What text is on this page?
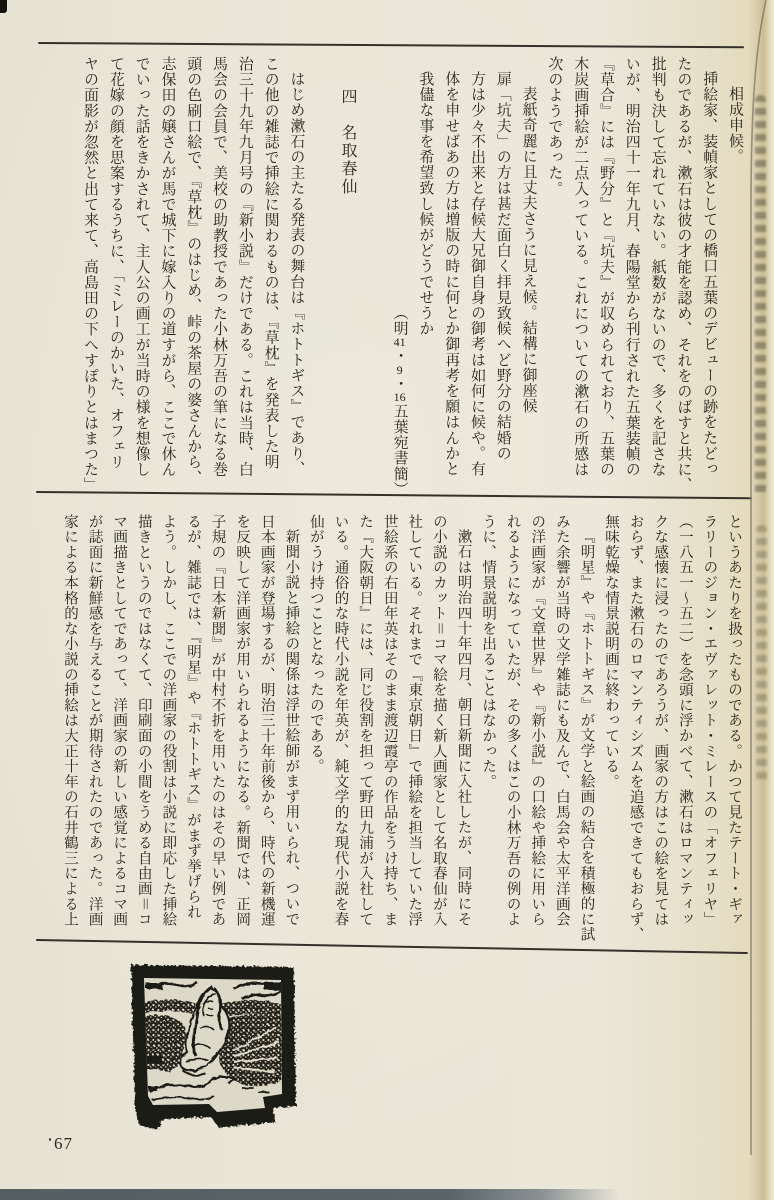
相成申候。
挿絵家、装幀家としての橋口五葉のデビューの跡をたどっ
たのであるが、漱石は彼の才能を認め、それをのばすと共に、
批判も決して忘れていない。紙数がないので、多くを記さな
いが、明治四十一年九月、春陽堂から刊行された五葉装幀の
『草合』には『野分』と『坑夫』が収められており、五葉の
木炭画挿絵が二点入っている。これについての漱石の所感は
次のようであった。
表紙奇麗に且丈夫さうに見え候。結構に御座候
扉「坑夫」の方は甚だ面白く拝見致候へど野分の結婚の
方は少々不出来と存候大兄御自身の御考は如何に候や。有
体を申せばあの方は増版の時に何とか御再考を願はんかと
我儘な事を希望致し候がどうでせうか
（明41・9・16五葉宛書簡）

四　名取春仙

はじめ漱石の主たる発表の舞台は『ホトトギス』であり、
この他の雑誌で挿絵に関わるものは、『草枕』を発表した明
治三十九年九月号の『新小説』だけである。これは当時、白
馬会の会員で、美校の助教授であった小林万吾の筆になる巻
頭の色刷口絵で、『草枕』のはじめ、峠の茶屋の婆さんから、
志保田の嬢さんが馬で城下に嫁入りの道すがら、ここで休ん
でいった話をきかされて、主人公の画工が当時の様を想像し
て花嫁の顔を思案するうちに、「ミレーのかいた、オフェリ
ヤの面影が忽然と出て来て、高島田の下へすぽりとはまつた」
というあたりを扱ったものである。かつて見たテート・ギァ
ラリーのジョン・エヴァレット・ミレースの「オフェリヤ」
（一八五一～五二）を念頭に浮かべて、漱石はロマンティッ
クな感懐に浸ったのであろうが、画家の方はこの絵を見ては
おらず、また漱石のロマンティシズムを追感できてもおらず、
無味乾燥な情景説明画に終わっている。
『明星』や『ホトトギス』が文学と絵画の結合を積極的に試
みた余響が当時の文学雑誌にも及んで、白馬会や太平洋画会
の洋画家が『文章世界』や『新小説』の口絵や挿絵に用いら
れるようになっていたが、その多くはこの小林万吾の例のよ
うに、情景説明を出ることはなかった。
漱石は明治四十年四月、朝日新聞に入社したが、同時にそ
の小説のカット＝コマ絵を描く新人画家として名取春仙が入
社している。それまで『東京朝日』で挿絵を担当していた浮
世絵系の右田年英はそのまま渡辺霞亭の作品をうけ持ち、ま
た『大阪朝日』には、同じ役割を担って野田九浦が入社して
いる。通俗的な時代小説を年英が、純文学的な現代小説を春
仙がうけ持つこととなったのである。
新聞小説と挿絵の関係は浮世絵師がまず用いられ、ついで
日本画家が登場するが、明治三十年前後から、時代の新機運
を反映して洋画家が用いられるようになる。新聞では、正岡
子規の『日本新聞』が中村不折を用いたのはその早い例であ
るが、雑誌では、『明星』や『ホトトギス』がまず挙げられ
よう。しかし、ここでの洋画家の役割は小説に即応した挿絵
描きというのではなくて、印刷面の小間をうめる自由画＝コ
マ画描きとしてであって、洋画家の新しい感覚によるコマ画
が誌面に新鮮感を与えることが期待されたのであった。洋画
家による本格的な小説の挿絵は大正十年の石井鶴三による上
67
